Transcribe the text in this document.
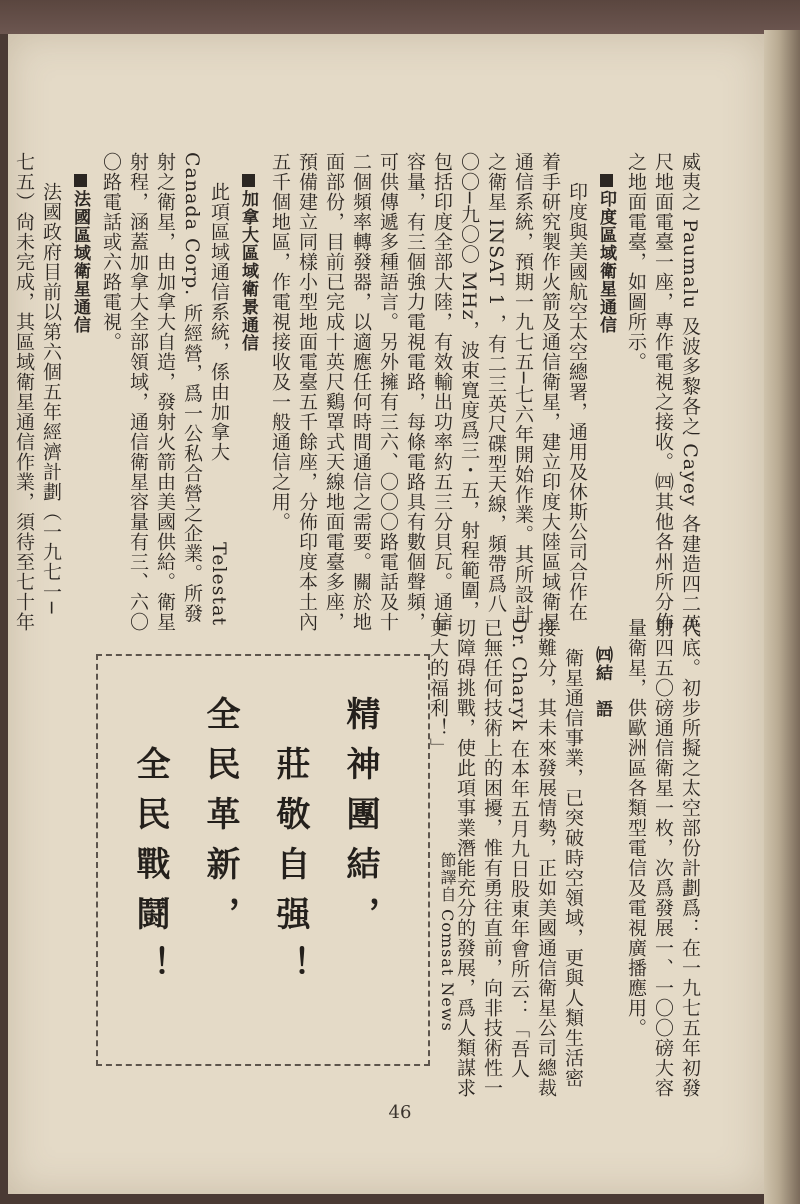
威夷之 Paumalu 及波多黎各之 Cayey 各建造四二英
尺地面電臺一座，專作電視之接收。㈣其他各州所分佈
之地面電臺，如圖所示。
印度區域衛星通信
印度與美國航空太空總署，通用及休斯公司合作在
着手研究製作火箭及通信衛星，建立印度大陸區域衛星
通信系統，預期一九七五─七六年開始作業。其所設計
之衛星 INSAT 1 ，有二三英尺碟型天線，頻帶爲八
〇〇─九〇〇 MHz，波束寬度爲三・五，射程範圍，
包括印度全部大陸，有效輸出功率約五三分貝瓦。通信
容量，有三個強力電視電路，每條電路具有數個聲頻，
可供傳遞多種語言。另外擁有三六、〇〇〇路電話及十
二個頻率轉發器，以適應任何時間通信之需要。關於地
面部份，目前已完成十英尺鷄罩式天線地面電臺多座，
預備建立同樣小型地面電臺五千餘座，分佈印度本土內
五千個地區，作電視接收及一般通信之用。
加拿大區域衛景通信
此項區域通信系統，係由加拿大　　　　Telestat
Canada Corp. 所經營，爲一公私合營之企業。所發
射之衛星，由加拿大自造，發射火箭由美國供給。衛星
射程，涵蓋加拿大全部領域，通信衛星容量有三、六〇
〇路電話或六路電視。
法國區域衛星通信
法國政府目前以第六個五年經濟計劃（一九七一─
七五）尙未完成，其區域衛星通信作業，須待至七十年
代底。初步所擬之太空部份計劃爲：在一九七五年初發
射四五〇磅通信衛星一枚，次爲發展一、一〇〇磅大容
量衛星，供歐洲區各類型電信及電視廣播應用。
㈣結　語
衛星通信事業，已突破時空領域，更與人類生活密
接難分，其未來發展情勢，正如美國通信衛星公司總裁
Dr. Charyk 在本年五月九日股東年會所云：「吾人
已無任何技術上的困擾，惟有勇往直前，向非技術性一
切障碍挑戰，使此項事業潛能充分的發展，爲人類謀求
更大的福利！」
節譯自 Comsat News
精神團結，
莊敬自强！
全民革新，
全民戰鬪！
46
